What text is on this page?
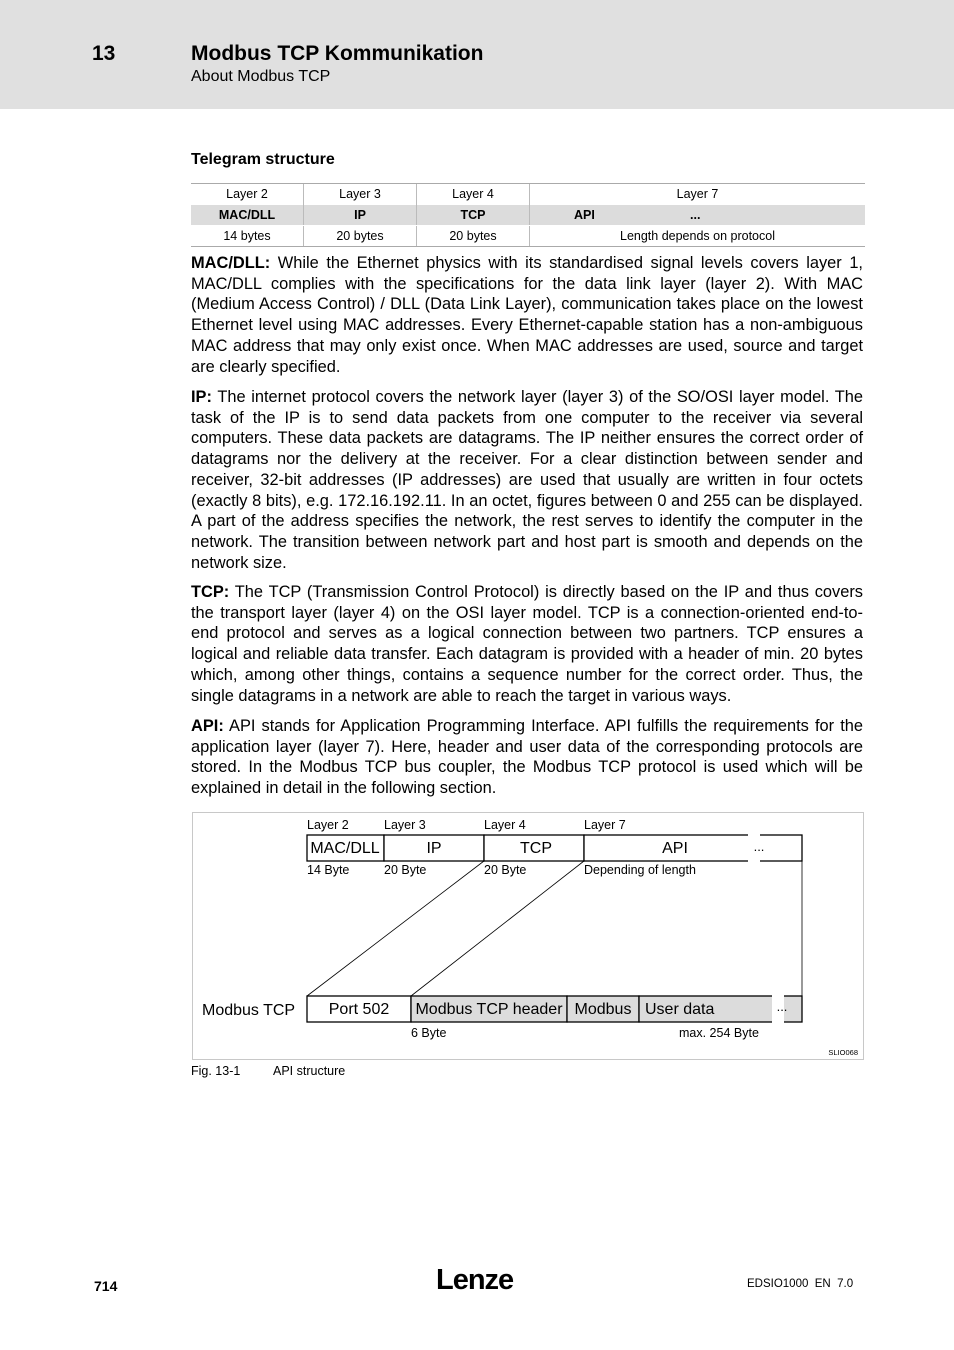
13	Modbus TCP Kommunikation
About Modbus TCP
Telegram structure
Layer 2	Layer 3	Layer 4	Layer 7
MAC/DLL	IP	TCP	API ...

14 bytes	20 bytes	20 bytes	Length depends on protocol

MAC/DLL: While the Ethernet physics with its standardised signal levels covers layer 1, MAC/DLL complies with the specifications for the data link layer (layer 2). With MAC (Medium Access Control) / DLL (Data Link Layer), communication takes place on the lowest Ethernet level using MAC addresses. Every Ethernet-capable station has a non-ambiguous MAC address that may only exist once. When MAC addresses are used, source and target are clearly specified.

IP: The internet protocol covers the network layer (layer 3) of the SO/OSI layer model. The task of the IP is to send data packets from one computer to the receiver via several computers. These data packets are datagrams. The IP neither ensures the correct order of datagrams nor the delivery at the receiver. For a clear distinction between sender and receiver, 32-bit addresses (IP addresses) are used that usually are written in four octets (exactly 8 bits), e.g. 172.16.192.11. In an octet, figures between 0 and 255 can be displayed. A part of the address specifies the network, the rest serves to identify the computer in the network. The transition between network part and host part is smooth and depends on the network size.

TCP: The TCP (Transmission Control Protocol) is directly based on the IP and thus covers the transport layer (layer 4) on the OSI layer model. TCP is a connection-oriented end-to-end protocol and serves as a logical connection between two partners. TCP ensures a logical and reliable data transfer. Each datagram is provided with a header of min. 20 bytes which, among other things, contains a sequence number for the correct order. Thus, the single datagrams in a network are able to reach the target in various ways.

API: API stands for Application Programming Interface. API fulfills the requirements for the application layer (layer 7). Here, header and user data of the corresponding protocols are stored. In the Modbus TCP bus coupler, the Modbus TCP protocol is used which will be explained in detail in the following section.

Layer 2	Layer 3	Layer 4	Layer 7
MAC/DLL	IP	TCP	API	...
14 Byte	20 Byte	20 Byte	Depending of length
Modbus TCP Port 502 Modbus TCP header Modbus User data	...
6 Byte	max. 254 Byte
SLIO068
Fig. 13-1	API structure
714	Lenze	EDSIO1000  EN  7.0
